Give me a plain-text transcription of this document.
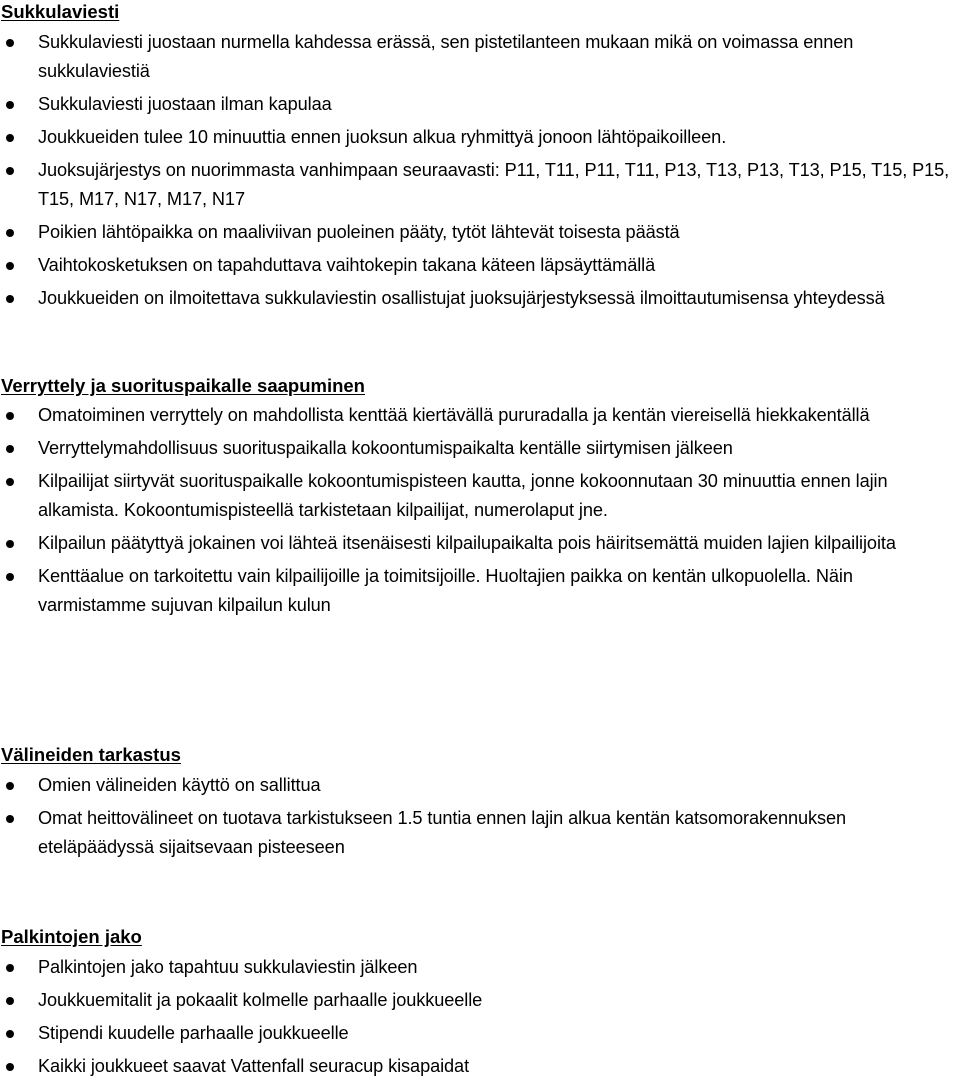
Sukkulaviesti
Sukkulaviesti juostaan nurmella kahdessa erässä, sen pistetilanteen mukaan mikä on voimassa ennen sukkulaviestiä
Sukkulaviesti juostaan ilman kapulaa
Joukkueiden tulee 10 minuuttia ennen juoksun alkua ryhmittyä jonoon lähtöpaikoilleen.
Juoksujärjestys on nuorimmasta vanhimpaan seuraavasti: P11, T11, P11, T11, P13, T13, P13, T13, P15, T15, P15, T15, M17, N17, M17, N17
Poikien lähtöpaikka on maaliviivan puoleinen pääty, tytöt lähtevät toisesta päästä
Vaihtokosketuksen on tapahduttava vaihtokepin takana käteen läpsäyttämällä
Joukkueiden on ilmoitettava sukkulaviestin osallistujat juoksujärjestyksessä ilmoittautumisensa yhteydessä
Verryttely ja suorituspaikalle saapuminen
Omatoiminen verryttely on mahdollista kenttää kiertävällä pururadalla ja kentän viereisellä hiekkakentällä
Verryttelymahdollisuus suorituspaikalla kokoontumispaikalta kentälle siirtymisen jälkeen
Kilpailijat siirtyvät suorituspaikalle kokoontumispisteen kautta, jonne kokoonnutaan 30 minuuttia ennen lajin alkamista. Kokoontumispisteellä tarkistetaan kilpailijat, numerolaput jne.
Kilpailun päätyttyä jokainen voi lähteä itsenäisesti kilpailupaikalta pois häiritsemättä muiden lajien kilpailijoita
Kenttäalue on tarkoitettu vain kilpailijoille ja toimitsijoille. Huoltajien paikka on kentän ulkopuolella. Näin varmistamme sujuvan kilpailun kulun
Välineiden tarkastus
Omien välineiden käyttö on sallittua
Omat heittovälineet on tuotava tarkistukseen 1.5 tuntia ennen lajin alkua kentän katsomorakennuksen eteläpäädyssä sijaitsevaan pisteeseen
Palkintojen jako
Palkintojen jako tapahtuu sukkulaviestin jälkeen
Joukkuemitalit ja pokaalit kolmelle parhaalle joukkueelle
Stipendi kuudelle parhaalle joukkueelle
Kaikki joukkueet saavat Vattenfall seuracup kisapaidat
